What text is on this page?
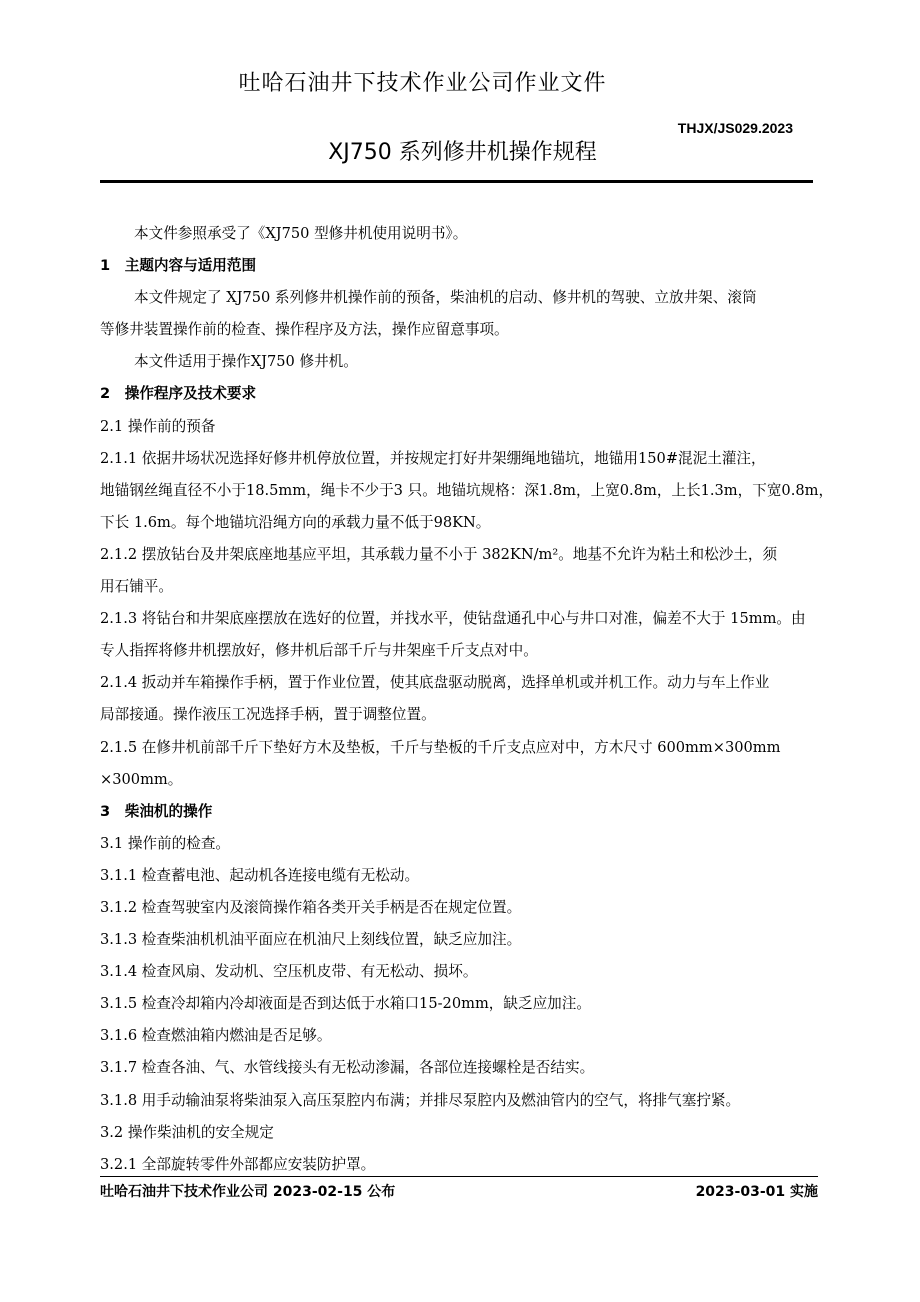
吐哈石油井下技术作业公司作业文件
THJX/JS029.2023
XJ750 系列修井机操作规程
本文件参照承受了《XJ750 型修井机使用说明书》。
1　主题内容与适用范围
本文件规定了 XJ750 系列修井机操作前的预备，柴油机的启动、修井机的驾驶、立放井架、滚筒
等修井装置操作前的检查、操作程序及方法，操作应留意事项。
本文件适用于操作XJ750 修井机。
2　操作程序及技术要求
2.1 操作前的预备
2.1.1 依据井场状况选择好修井机停放位置，并按规定打好井架绷绳地锚坑，地锚用150#混泥土灌注，
地锚钢丝绳直径不小于18.5mm，绳卡不少于3 只。地锚坑规格：深1.8m，上宽0.8m，上长1.3m，下宽0.8m，
下长 1.6m。每个地锚坑沿绳方向的承载力量不低于98KN。
2.1.2 摆放钻台及井架底座地基应平坦，其承载力量不小于 382KN/m²。地基不允许为粘土和松沙土，须
用石铺平。
2.1.3 将钻台和井架底座摆放在选好的位置，并找水平，使钻盘通孔中心与井口对准，偏差不大于 15mm。由
专人指挥将修井机摆放好，修井机后部千斤与井架座千斤支点对中。
2.1.4 扳动并车箱操作手柄，置于作业位置，使其底盘驱动脱离，选择单机或并机工作。动力与车上作业
局部接通。操作液压工况选择手柄，置于调整位置。
2.1.5 在修井机前部千斤下垫好方木及垫板，千斤与垫板的千斤支点应对中，方木尺寸 600mm×300mm
×300mm。
3　柴油机的操作
3.1 操作前的检查。
3.1.1 检查蓄电池、起动机各连接电缆有无松动。
3.1.2 检查驾驶室内及滚筒操作箱各类开关手柄是否在规定位置。
3.1.3 检查柴油机机油平面应在机油尺上刻线位置，缺乏应加注。
3.1.4 检查风扇、发动机、空压机皮带、有无松动、损坏。
3.1.5 检查冷却箱内冷却液面是否到达低于水箱口15-20mm，缺乏应加注。
3.1.6 检查燃油箱内燃油是否足够。
3.1.7 检查各油、气、水管线接头有无松动渗漏，各部位连接螺栓是否结实。
3.1.8 用手动输油泵将柴油泵入高压泵腔内布满；并排尽泵腔内及燃油管内的空气，将排气塞拧紧。
3.2 操作柴油机的安全规定
3.2.1 全部旋转零件外部都应安装防护罩。
吐哈石油井下技术作业公司 2023-02-15 公布	2023-03-01 实施
